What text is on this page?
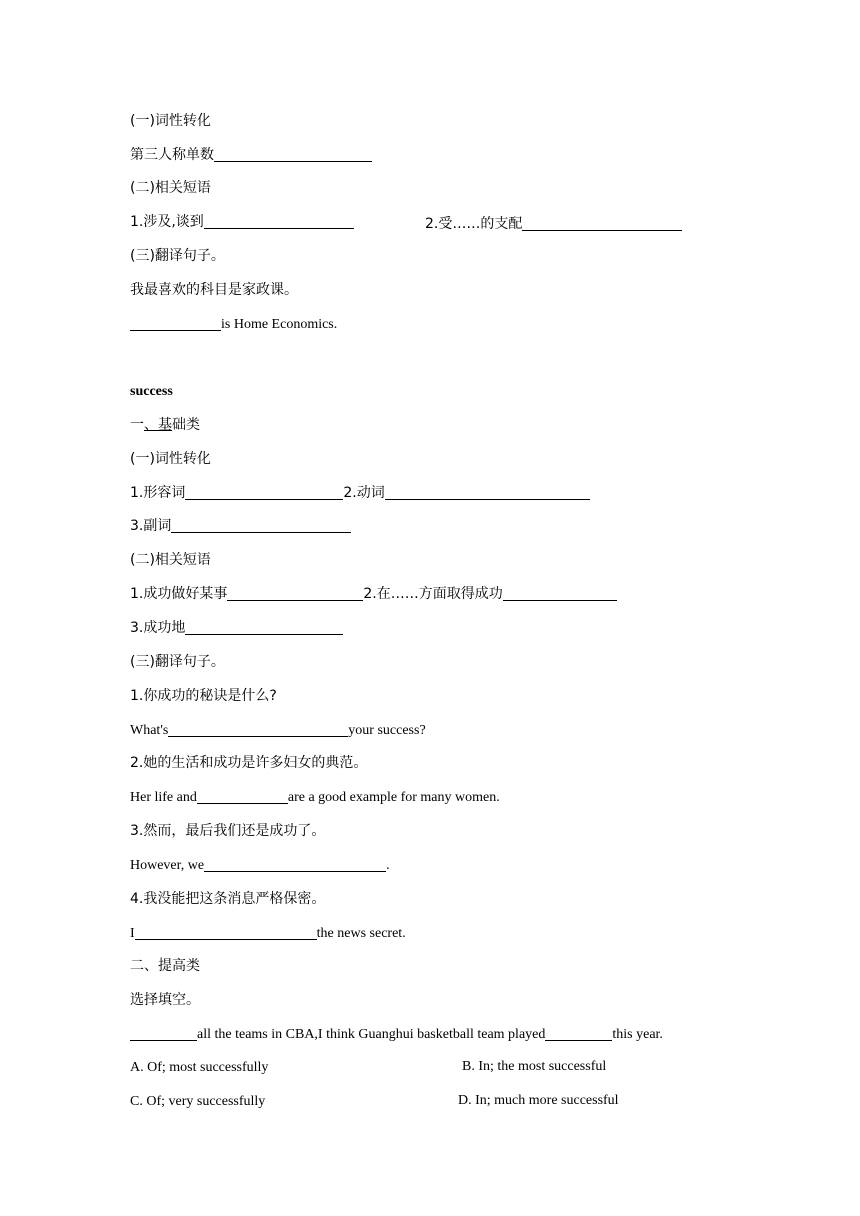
(一)词性转化
第三人称单数
(二)相关短语
1.涉及,谈到	2.受……的支配
(三)翻译句子。
我最喜欢的科目是家政课。
is Home Economics.
success
一、基础类
(一)词性转化
1.形容词	2.动词
3.副词
(二)相关短语
1.成功做好某事	2.在……方面取得成功
3.成功地
(三)翻译句子。
1.你成功的秘诀是什么?
What's	your success?
2.她的生活和成功是许多妇女的典范。
Her life and	are a good example for many women.
3.然而，最后我们还是成功了。
However, we	.
4.我没能把这条消息严格保密。
I	the news secret.
二、提高类
选择填空。
all the teams in CBA,I think Guanghui basketball team played	this year.
A. Of; most successfully	B. In; the most successful
C. Of; very successfully	D. In; much more successful
